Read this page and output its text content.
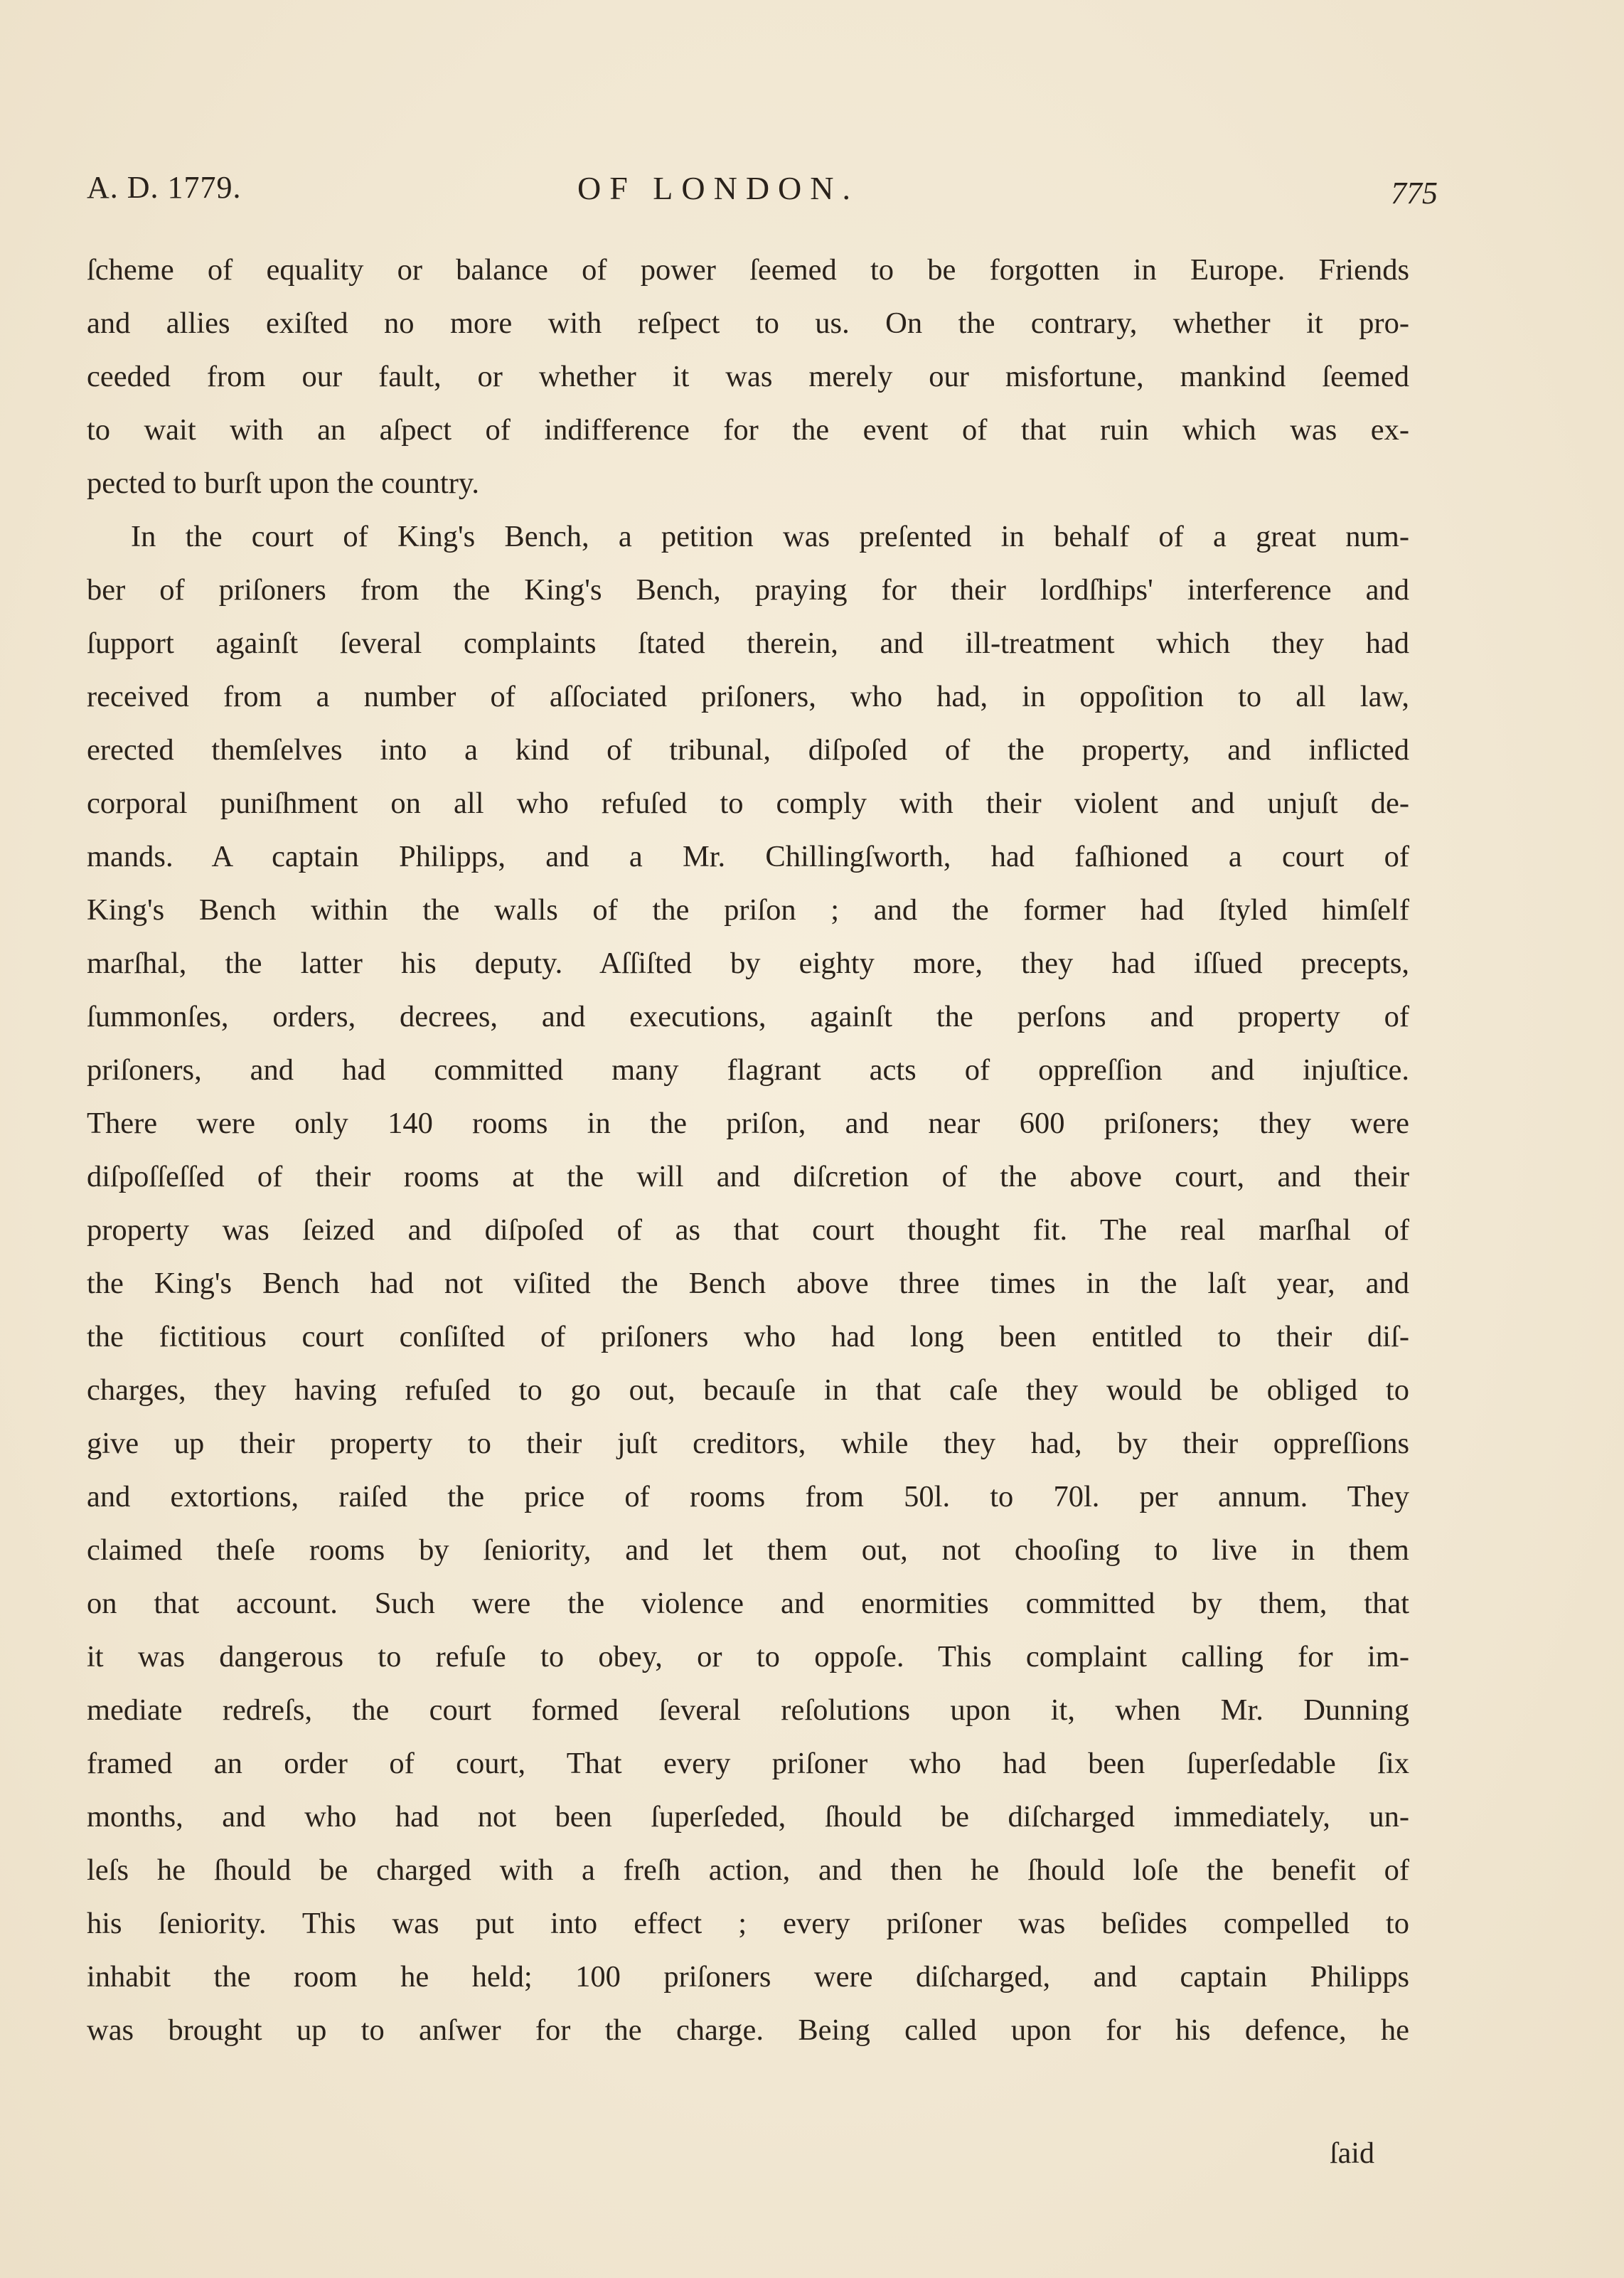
A. D. 1779.	OF LONDON.	775
ſcheme of equality or balance of power ſeemed to be forgotten in Europe. Friends
and allies exiſted no more with reſpect to us. On the contrary, whether it pro-
ceeded from our fault, or whether it was merely our misfortune, mankind ſeemed
to wait with an aſpect of indifference for the event of that ruin which was ex-
pected to burſt upon the country.
In the court of King's Bench, a petition was preſented in behalf of a great num-
ber of priſoners from the King's Bench, praying for their lordſhips' interference and
ſupport againſt ſeveral complaints ſtated therein, and ill-treatment which they had
received from a number of aſſociated priſoners, who had, in oppoſition to all law,
erected themſelves into a kind of tribunal, diſpoſed of the property, and inflicted
corporal puniſhment on all who refuſed to comply with their violent and unjuſt de-
mands. A captain Philipps, and a Mr. Chillingſworth, had faſhioned a court of
King's Bench within the walls of the priſon ; and the former had ſtyled himſelf
marſhal, the latter his deputy. Aſſiſted by eighty more, they had iſſued precepts,
ſummonſes, orders, decrees, and executions, againſt the perſons and property of
priſoners, and had committed many flagrant acts of oppreſſion and injuſtice.
There were only 140 rooms in the priſon, and near 600 priſoners; they were
diſpoſſeſſed of their rooms at the will and diſcretion of the above court, and their
property was ſeized and diſpoſed of as that court thought fit. The real marſhal of
the King's Bench had not viſited the Bench above three times in the laſt year, and
the fictitious court conſiſted of priſoners who had long been entitled to their diſ-
charges, they having refuſed to go out, becauſe in that caſe they would be obliged to
give up their property to their juſt creditors, while they had, by their oppreſſions
and extortions, raiſed the price of rooms from 50l. to 70l. per annum. They
claimed theſe rooms by ſeniority, and let them out, not chooſing to live in them
on that account. Such were the violence and enormities committed by them, that
it was dangerous to refuſe to obey, or to oppoſe. This complaint calling for im-
mediate redreſs, the court formed ſeveral reſolutions upon it, when Mr. Dunning
framed an order of court, That every priſoner who had been ſuperſedable ſix
months, and who had not been ſuperſeded, ſhould be diſcharged immediately, un-
leſs he ſhould be charged with a freſh action, and then he ſhould loſe the benefit of
his ſeniority. This was put into effect ; every priſoner was beſides compelled to
inhabit the room he held; 100 priſoners were diſcharged, and captain Philipps
was brought up to anſwer for the charge. Being called upon for his defence, he
ſaid
